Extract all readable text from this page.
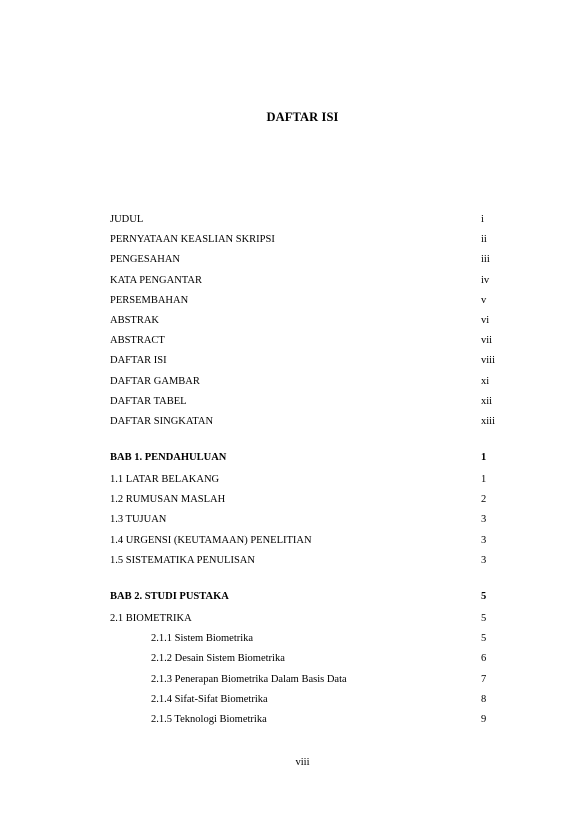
DAFTAR ISI
JUDUL	i
PERNYATAAN KEASLIAN SKRIPSI	ii
PENGESAHAN	iii
KATA PENGANTAR	iv
PERSEMBAHAN	v
ABSTRAK	vi
ABSTRACT	vii
DAFTAR ISI	viii
DAFTAR GAMBAR	xi
DAFTAR TABEL	xii
DAFTAR SINGKATAN	xiii
BAB 1. PENDAHULUAN	1
1.1 LATAR BELAKANG	1
1.2 RUMUSAN MASLAH	2
1.3 TUJUAN	3
1.4 URGENSI (KEUTAMAAN) PENELITIAN	3
1.5 SISTEMATIKA PENULISAN	3
BAB 2. STUDI PUSTAKA	5
2.1 BIOMETRIKA	5
2.1.1 Sistem Biometrika	5
2.1.2 Desain Sistem Biometrika	6
2.1.3 Penerapan Biometrika Dalam Basis Data	7
2.1.4 Sifat-Sifat Biometrika	8
2.1.5 Teknologi Biometrika	9
viii
